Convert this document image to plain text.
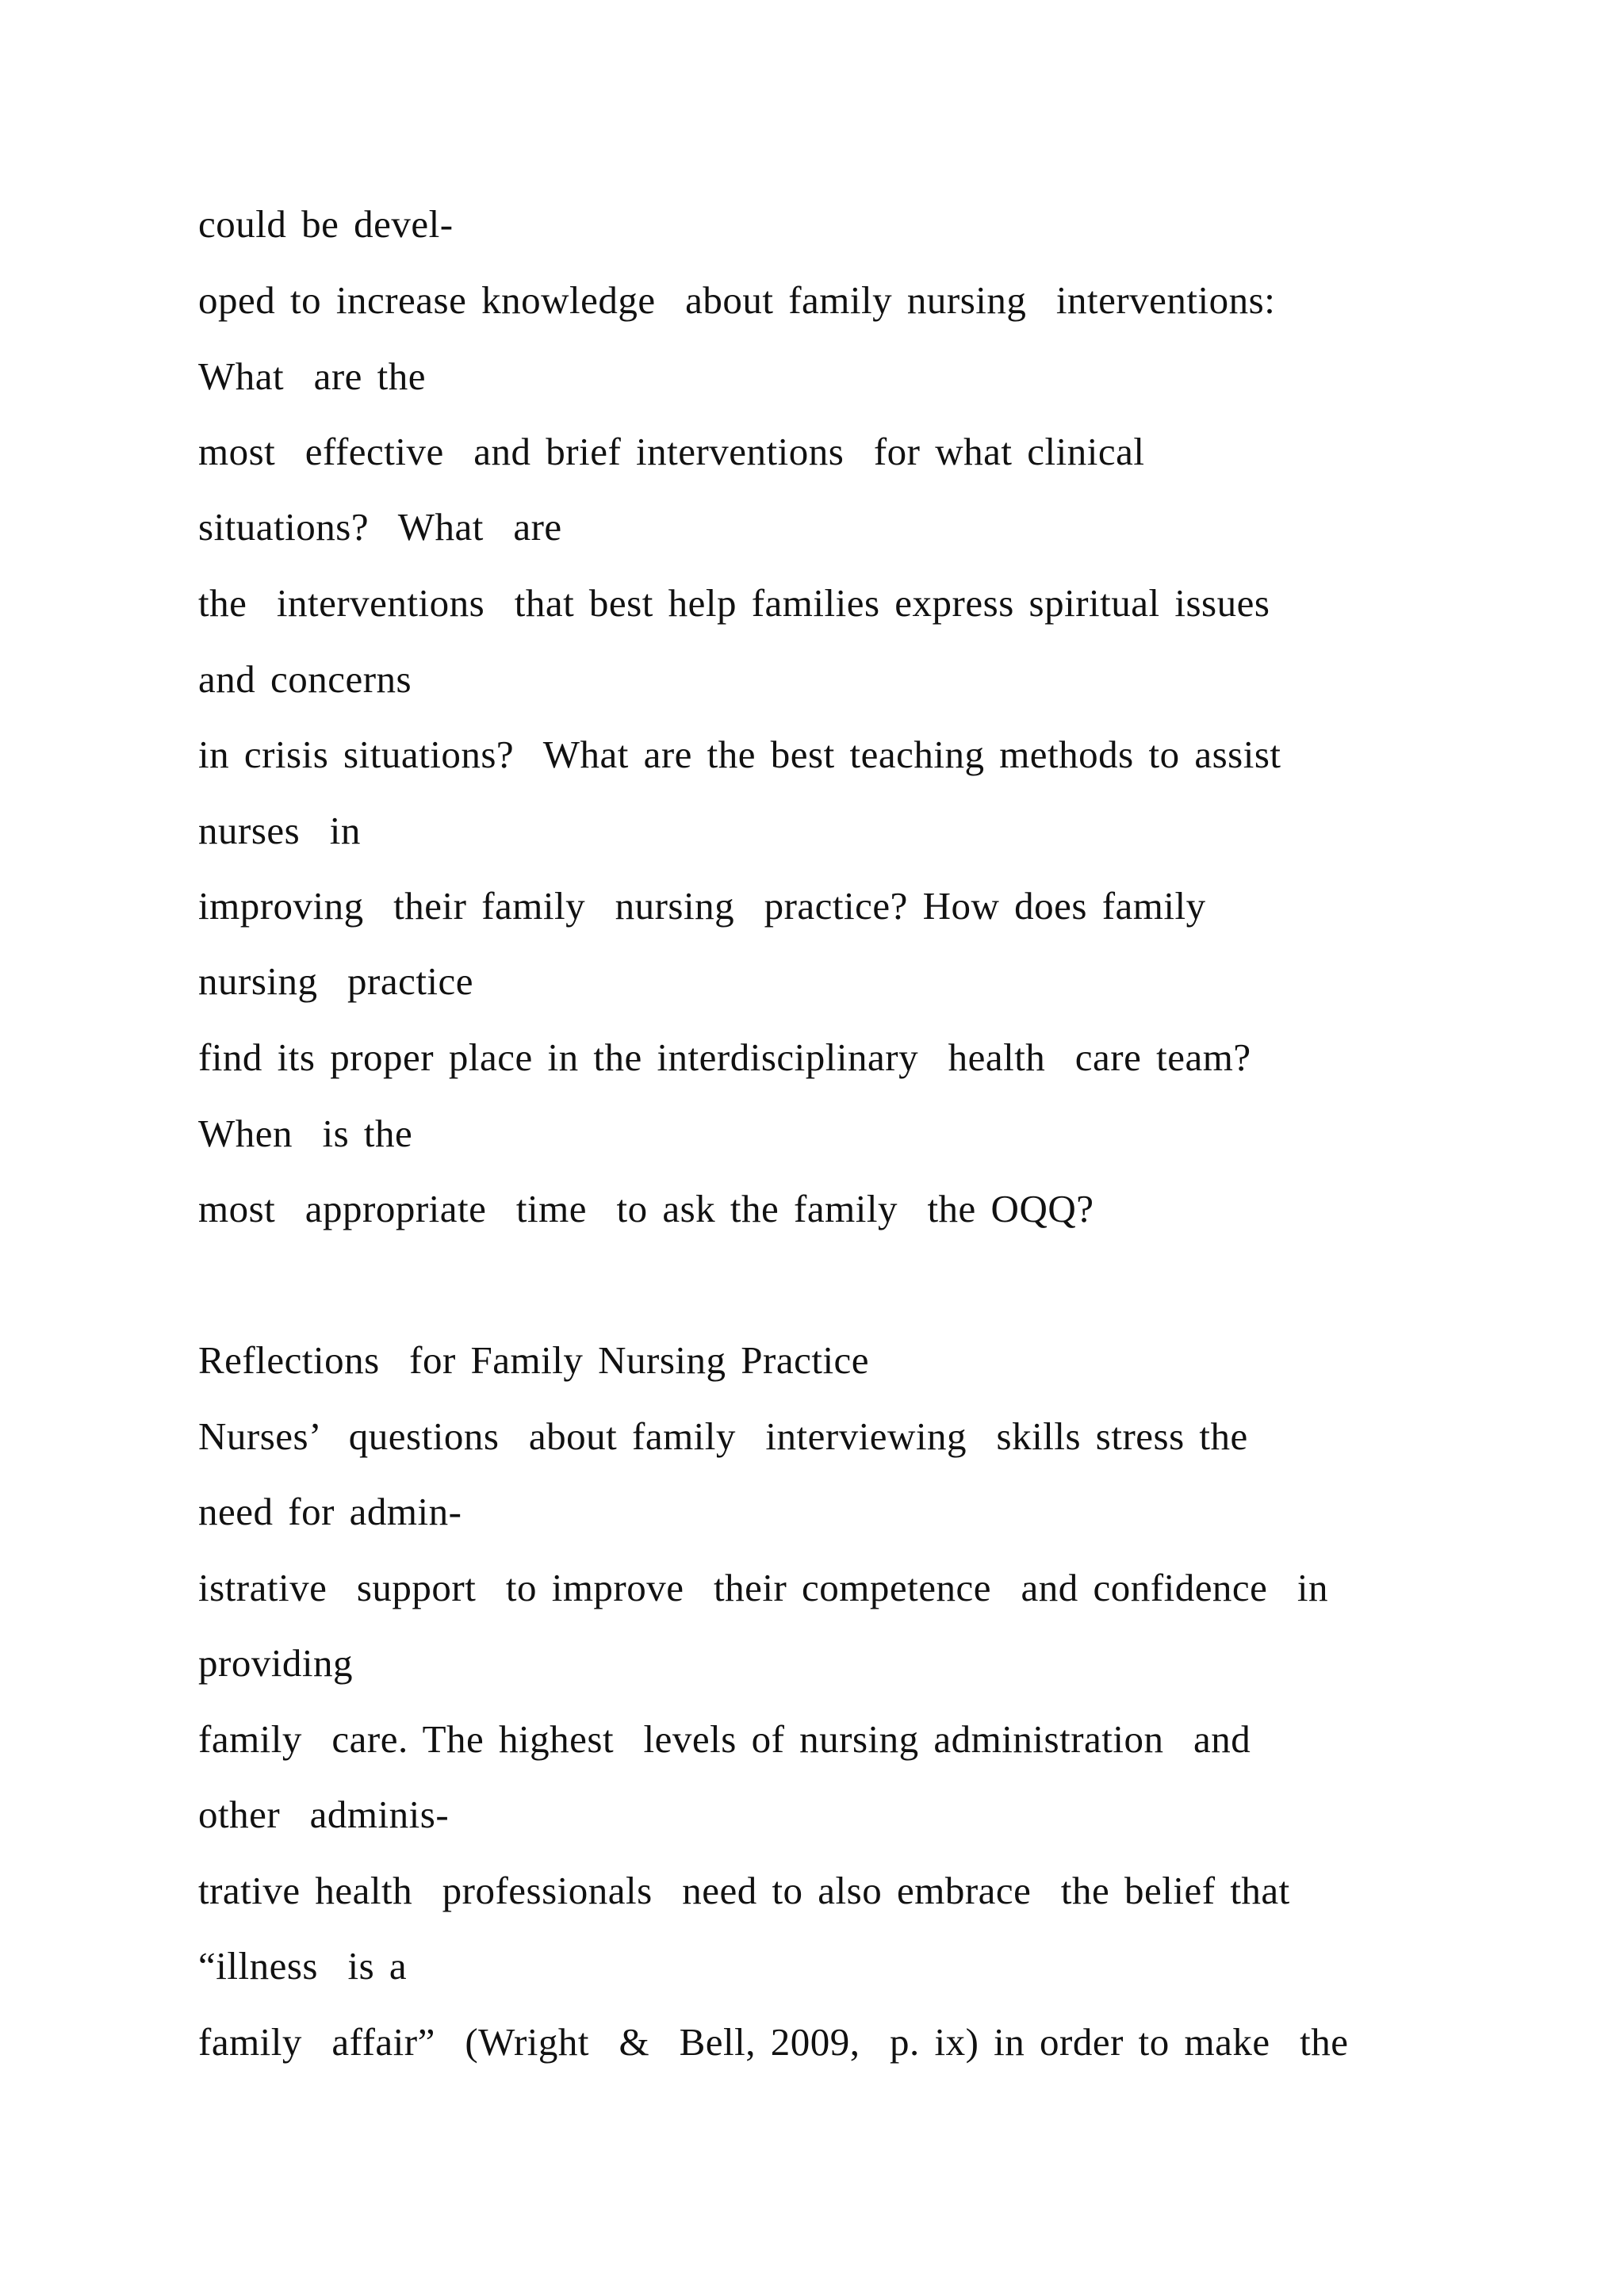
could be devel-

oped to increase knowledge  about family nursing  interventions:

What  are the

most  effective  and brief interventions  for what clinical

situations?  What  are

the  interventions  that best help families express spiritual issues

and concerns

in crisis situations?  What are the best teaching methods to assist

nurses  in

improving  their family  nursing  practice? How does family

nursing  practice

find its proper place in the interdisciplinary  health  care team?

When  is the

most  appropriate  time  to ask the family  the OQQ?

Reflections  for Family Nursing Practice

Nurses’  questions  about family  interviewing  skills stress the

need for admin-

istrative  support  to improve  their competence  and confidence  in

providing

family  care. The highest  levels of nursing administration  and

other  adminis-

trative health  professionals  need to also embrace  the belief that

“illness  is a

family  affair”  (Wright  &  Bell, 2009,  p. ix) in order to make  the
